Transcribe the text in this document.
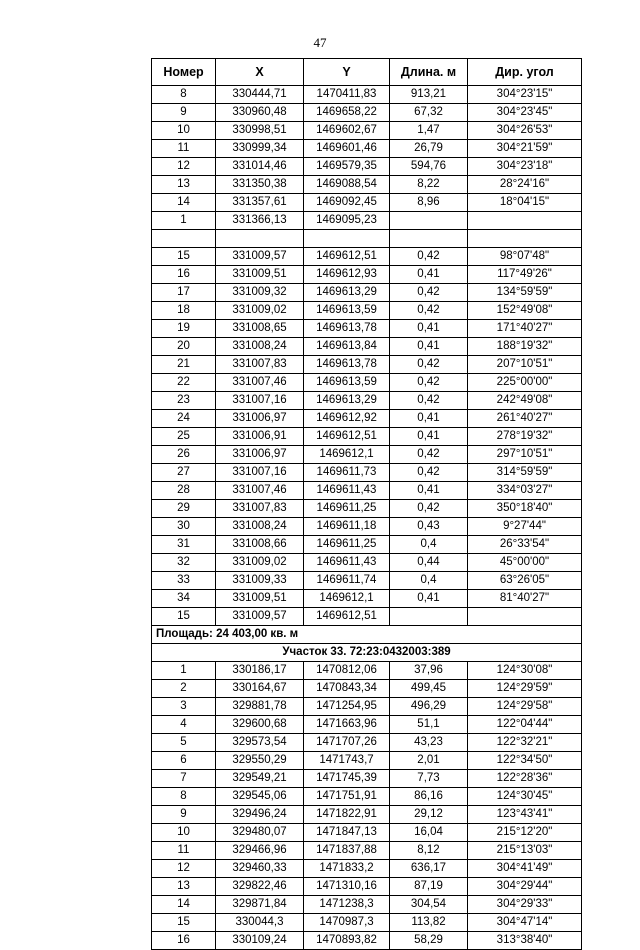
47
Номер	X	Y	Длина. м	Дир. угол
8	330444,71	1470411,83	913,21	304°23'15"
9	330960,48	1469658,22	67,32	304°23'45"
10	330998,51	1469602,67	1,47	304°26'53"
11	330999,34	1469601,46	26,79	304°21'59"
12	331014,46	1469579,35	594,76	304°23'18"
13	331350,38	1469088,54	8,22	28°24'16"
14	331357,61	1469092,45	8,96	18°04'15"
1	331366,13	1469095,23		

15	331009,57	1469612,51	0,42	98°07'48"
16	331009,51	1469612,93	0,41	117°49'26"
17	331009,32	1469613,29	0,42	134°59'59"
18	331009,02	1469613,59	0,42	152°49'08"
19	331008,65	1469613,78	0,41	171°40'27"
20	331008,24	1469613,84	0,41	188°19'32"
21	331007,83	1469613,78	0,42	207°10'51"
22	331007,46	1469613,59	0,42	225°00'00"
23	331007,16	1469613,29	0,42	242°49'08"
24	331006,97	1469612,92	0,41	261°40'27"
25	331006,91	1469612,51	0,41	278°19'32"
26	331006,97	1469612,1	0,42	297°10'51"
27	331007,16	1469611,73	0,42	314°59'59"
28	331007,46	1469611,43	0,41	334°03'27"
29	331007,83	1469611,25	0,42	350°18'40"
30	331008,24	1469611,18	0,43	9°27'44"
31	331008,66	1469611,25	0,4	26°33'54"
32	331009,02	1469611,43	0,44	45°00'00"
33	331009,33	1469611,74	0,4	63°26'05"
34	331009,51	1469612,1	0,41	81°40'27"
15	331009,57	1469612,51		
Площадь: 24 403,00 кв. м				
Участок 33. 72:23:0432003:389				
1	330186,17	1470812,06	37,96	124°30'08"
2	330164,67	1470843,34	499,45	124°29'59"
3	329881,78	1471254,95	496,29	124°29'58"
4	329600,68	1471663,96	51,1	122°04'44"
5	329573,54	1471707,26	43,23	122°32'21"
6	329550,29	1471743,7	2,01	122°34'50"
7	329549,21	1471745,39	7,73	122°28'36"
8	329545,06	1471751,91	86,16	124°30'45"
9	329496,24	1471822,91	29,12	123°43'41"
10	329480,07	1471847,13	16,04	215°12'20"
11	329466,96	1471837,88	8,12	215°13'03"
12	329460,33	1471833,2	636,17	304°41'49"
13	329822,46	1471310,16	87,19	304°29'44"
14	329871,84	1471238,3	304,54	304°29'33"
15	330044,3	1470987,3	113,82	304°47'14"
16	330109,24	1470893,82	58,29	313°38'40"
